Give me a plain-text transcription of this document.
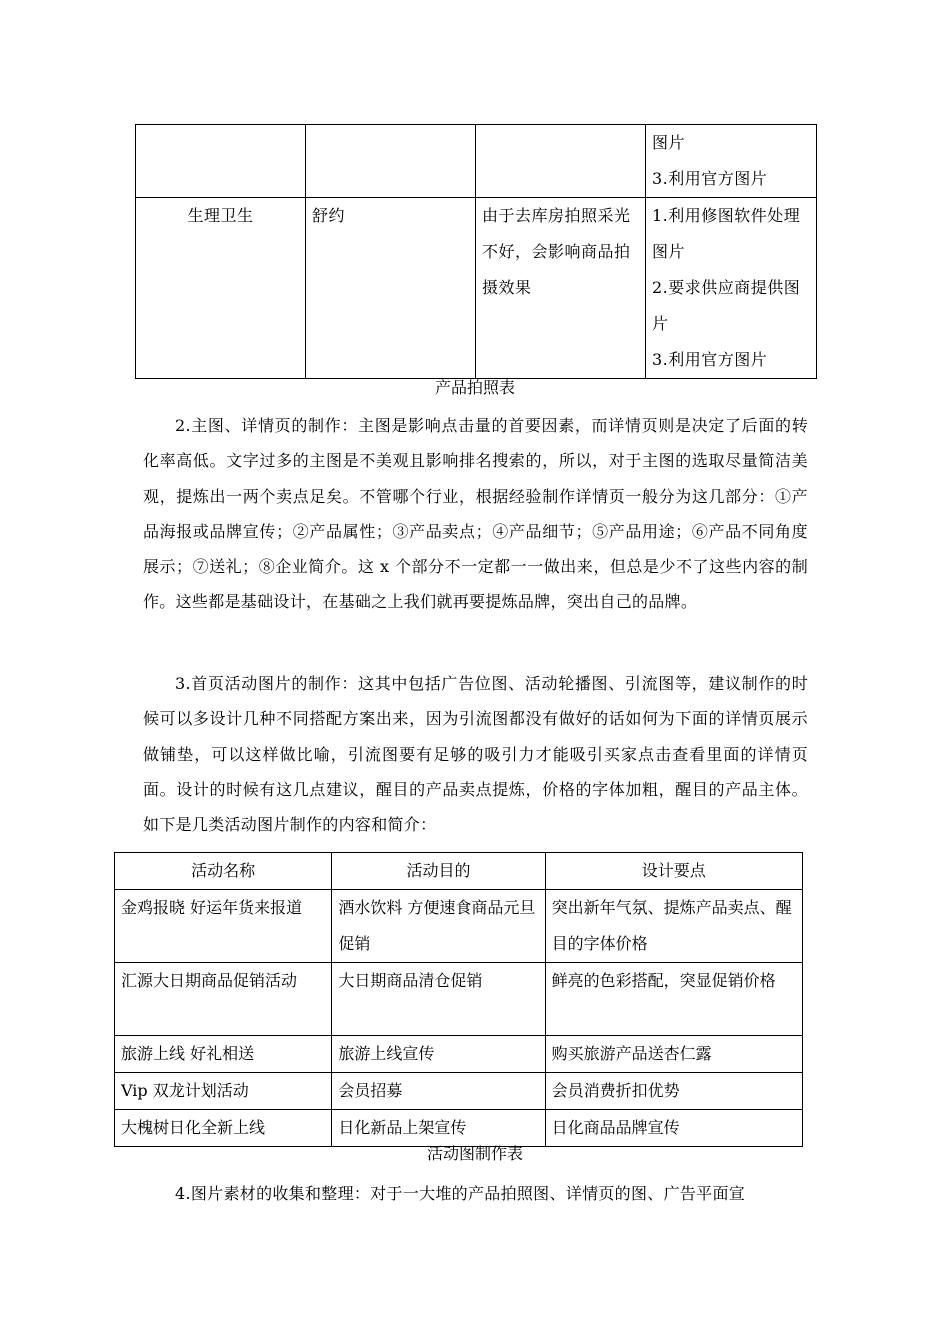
			图片
3.利用官方图片

生理卫生	舒约	由于去库房拍照采光不好，会影响商品拍摄效果	1.利用修图软件处理图片
2.要求供应商提供图片
3.利用官方图片
产品拍照表

2.主图、详情页的制作：主图是影响点击量的首要因素，而详情页则是决定了后面的转化率高低。文字过多的主图是不美观且影响排名搜索的，所以，对于主图的选取尽量简洁美观，提炼出一两个卖点足矣。不管哪个行业，根据经验制作详情页一般分为这几部分：①产品海报或品牌宣传；②产品属性；③产品卖点；④产品细节；⑤产品用途；⑥产品不同角度展示；⑦送礼；⑧企业简介。这 x 个部分不一定都一一做出来，但总是少不了这些内容的制作。这些都是基础设计，在基础之上我们就再要提炼品牌，突出自己的品牌。

3.首页活动图片的制作：这其中包括广告位图、活动轮播图、引流图等，建议制作的时候可以多设计几种不同搭配方案出来，因为引流图都没有做好的话如何为下面的详情页展示做铺垫，可以这样做比喻，引流图要有足够的吸引力才能吸引买家点击查看里面的详情页面。设计的时候有这几点建议，醒目的产品卖点提炼，价格的字体加粗，醒目的产品主体。如下是几类活动图片制作的内容和简介：

活动名称	活动目的	设计要点
金鸡报晓 好运年货来报道	酒水饮料 方便速食商品元旦促销	突出新年气氛、提炼产品卖点、醒目的字体价格
汇源大日期商品促销活动	大日期商品清仓促销	鲜亮的色彩搭配，突显促销价格
旅游上线 好礼相送	旅游上线宣传	购买旅游产品送杏仁露
Vip 双龙计划活动	会员招募	会员消费折扣优势
大槐树日化全新上线	日化新品上架宣传	日化商品品牌宣传
活动图制作表

4.图片素材的收集和整理：对于一大堆的产品拍照图、详情页的图、广告平面宣
